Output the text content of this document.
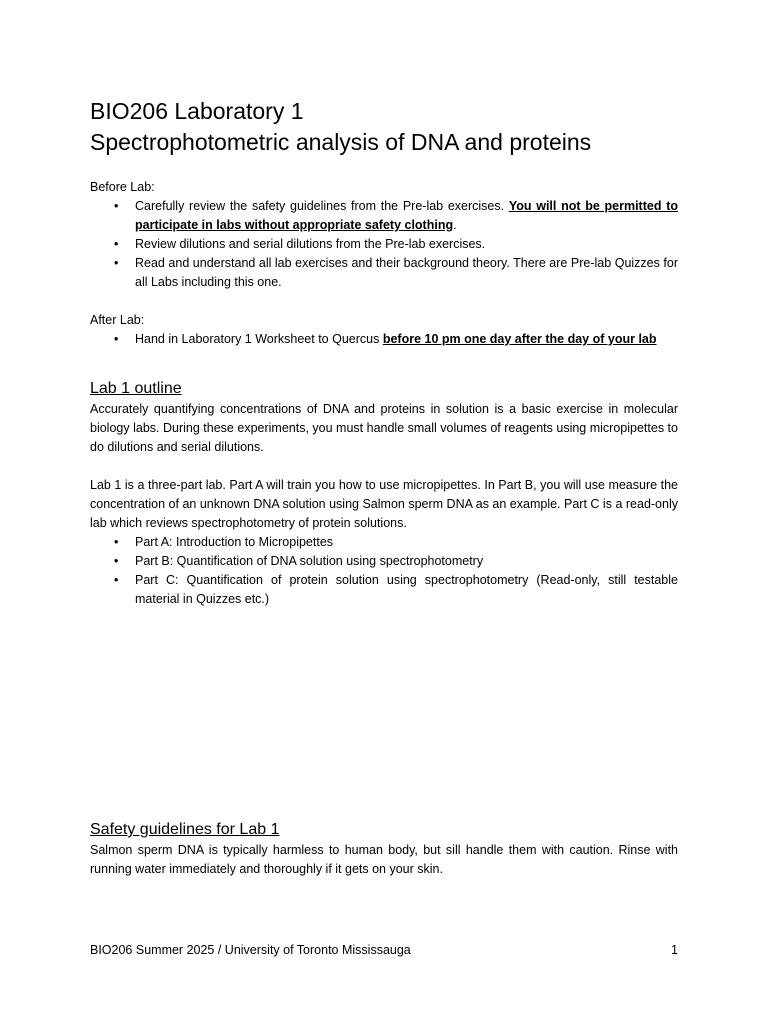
BIO206 Laboratory 1
Spectrophotometric analysis of DNA and proteins

Before Lab:

• Carefully review the safety guidelines from the Pre-lab exercises. You will not be permitted to participate in labs without appropriate safety clothing.
• Review dilutions and serial dilutions from the Pre-lab exercises.
• Read and understand all lab exercises and their background theory. There are Pre-lab Quizzes for all Labs including this one.

After Lab:

• Hand in Laboratory 1 Worksheet to Quercus before 10 pm one day after the day of your lab
Lab 1 outline

Accurately quantifying concentrations of DNA and proteins in solution is a basic exercise in molecular biology labs. During these experiments, you must handle small volumes of reagents using micropipettes to do dilutions and serial dilutions.

Lab 1 is a three-part lab. Part A will train you how to use micropipettes. In Part B, you will use measure the concentration of an unknown DNA solution using Salmon sperm DNA as an example. Part C is a read-only lab which reviews spectrophotometry of protein solutions.

• Part A: Introduction to Micropipettes
• Part B: Quantification of DNA solution using spectrophotometry
• Part C: Quantification of protein solution using spectrophotometry (Read-only, still testable material in Quizzes etc.)
Safety guidelines for Lab 1

Salmon sperm DNA is typically harmless to human body, but sill handle them with caution. Rinse with running water immediately and thoroughly if it gets on your skin.

BIO206 Summer 2025 / University of Toronto Mississauga	1
